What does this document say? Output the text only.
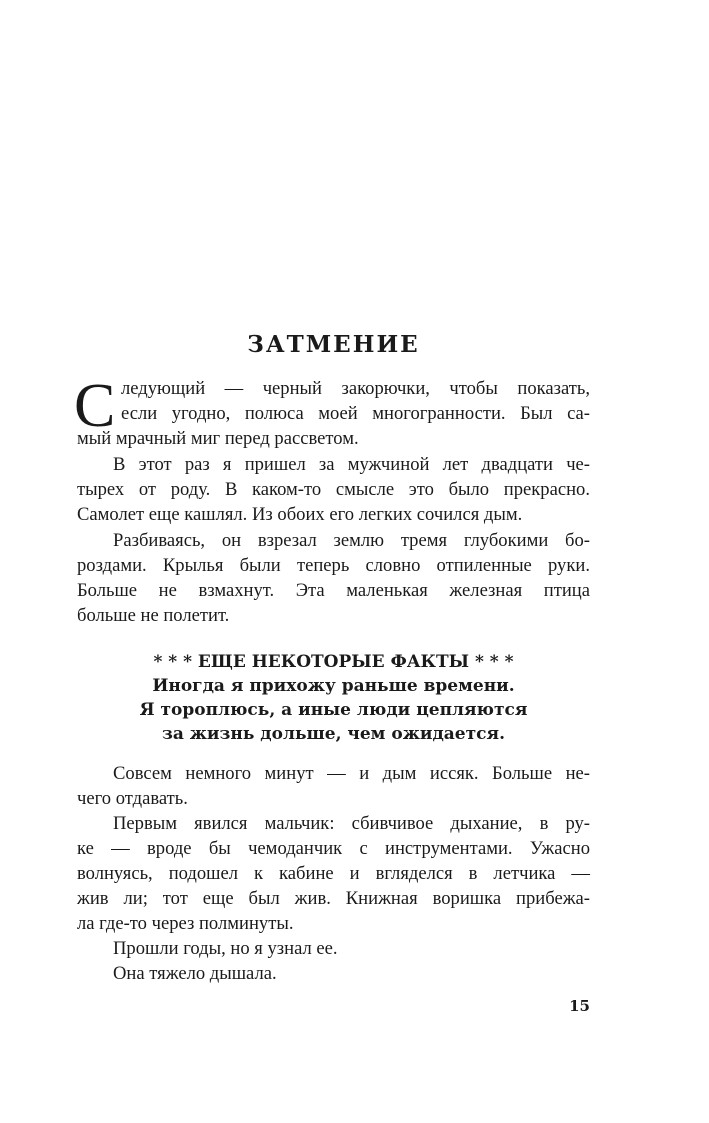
ЗАТМЕНИЕ
С ледующий — черный закорючки, чтобы показать,
если угодно, полюса моей многогранности. Был са-
мый мрачный миг перед рассветом.
В этот раз я пришел за мужчиной лет двадцати че-
тырех от роду. В каком-то смысле это было прекрасно.
Самолет еще кашлял. Из обоих его легких сочился дым.
Разбиваясь, он взрезал землю тремя глубокими бо-
роздами. Крылья были теперь словно отпиленные руки.
Больше не взмахнут. Эта маленькая железная птица
больше не полетит.
* * * ЕЩЕ НЕКОТОРЫЕ ФАКТЫ * * *
Иногда я прихожу раньше времени.
Я тороплюсь, а иные люди цепляются
за жизнь дольше, чем ожидается.
Совсем немного минут — и дым иссяк. Больше не-
чего отдавать.
Первым явился мальчик: сбивчивое дыхание, в ру-
ке — вроде бы чемоданчик с инструментами. Ужасно
волнуясь, подошел к кабине и вгляделся в летчика —
жив ли; тот еще был жив. Книжная воришка прибежа-
ла где-то через полминуты.
Прошли годы, но я узнал ее.
Она тяжело дышала.
15
